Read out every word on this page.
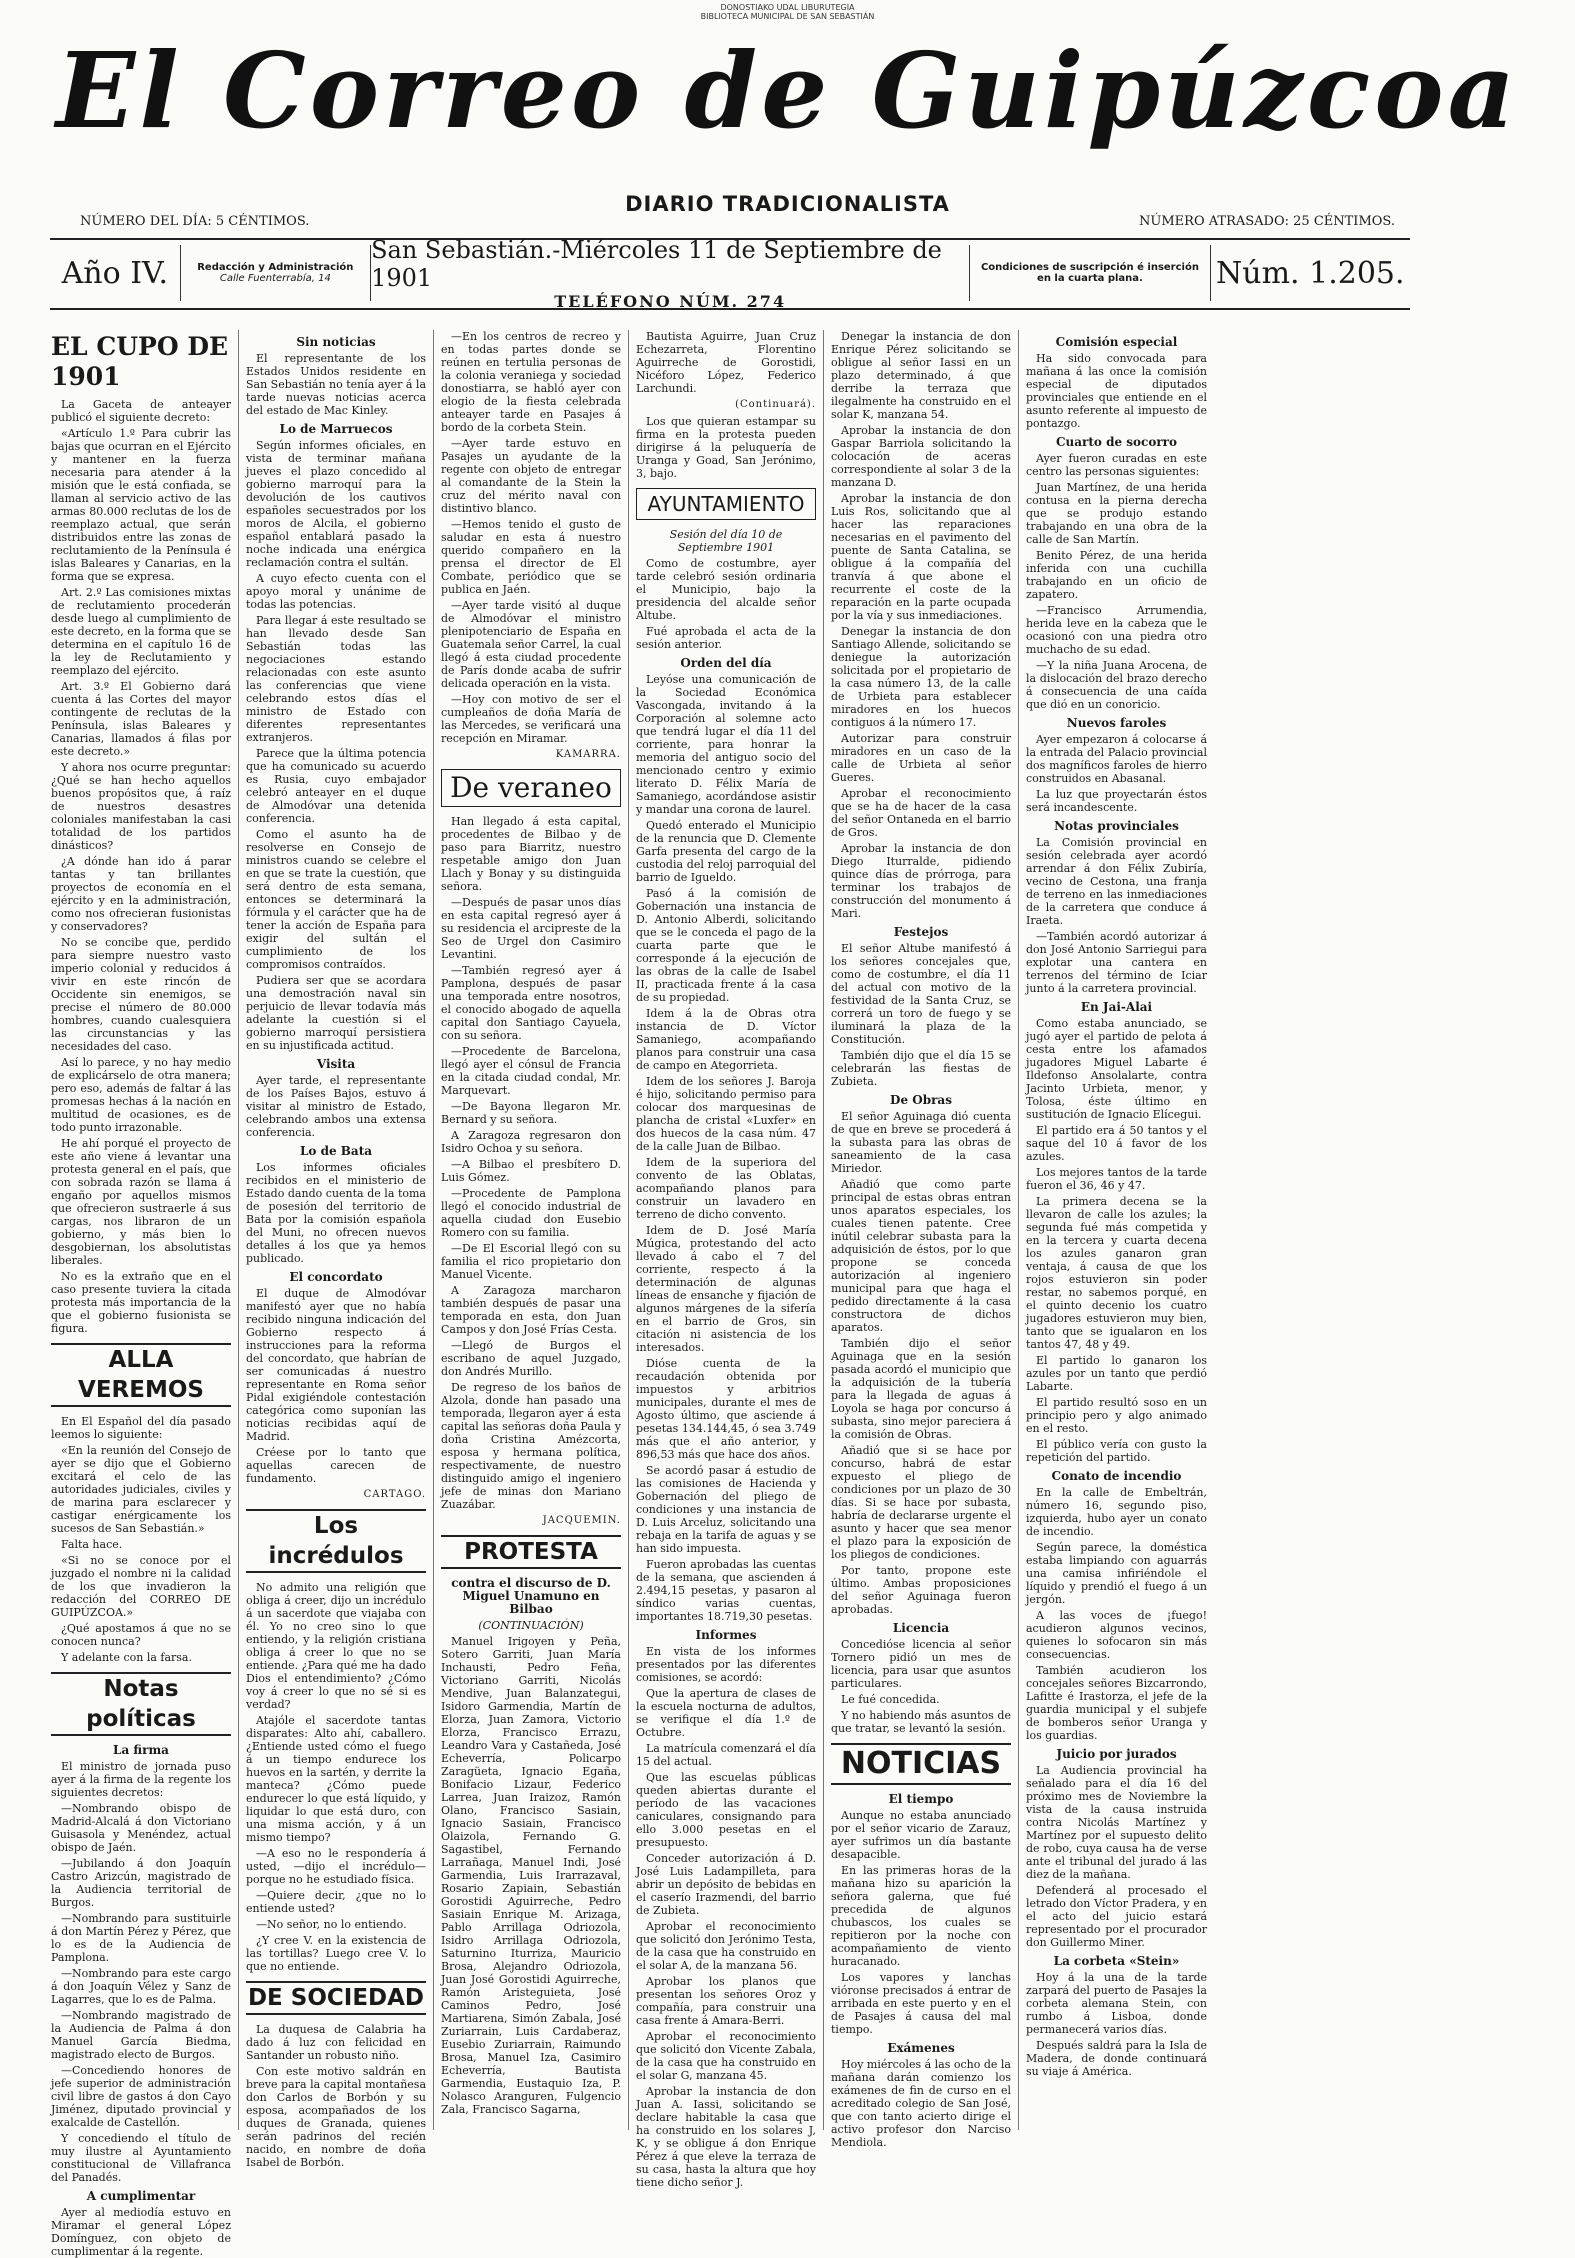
DONOSTIAKO UDAL LIBURUTEGIA
BIBLIOTECA MUNICIPAL DE SAN SEBASTIÁN
El Correo de Guipúzcoa
DIARIO TRADICIONALISTA
NÚMERO DEL DÍA: 5 CÉNTIMOS.	NÚMERO ATRASADO: 25 CÉNTIMOS.
Año IV.	Redacción y Administración
Calle Fuenterrabía, 14
San Sebastián.-Miércoles 11 de Septiembre de 1901
TELÉFONO NÚM. 274
Condiciones de suscripción é inserción
en la cuarta plana. Núm. 1.205.
EL CUPO DE 1901

La Gaceta de anteayer publicó el siguiente decreto:

«Artículo 1.º Para cubrir las bajas que ocurran en el Ejército y mantener en la fuerza necesaria para atender á la misión que le está confiada, se llaman al servicio activo de las armas 80.000 reclutas de los de reemplazo actual, que serán distribuidos entre las zonas de reclutamiento de la Península é islas Baleares y Canarias, en la forma que se expresa.

Art. 2.º Las comisiones mixtas de reclutamiento procederán desde luego al cumplimiento de este decreto, en la forma que se determina en el capítulo 16 de la ley de Reclutamiento y reemplazo del ejército.

Art. 3.º El Gobierno dará cuenta á las Cortes del mayor contingente de reclutas de la Península, islas Baleares y Canarias, llamados á filas por este decreto.»

Y ahora nos ocurre preguntar: ¿Qué se han hecho aquellos buenos propósitos que, á raíz de nuestros desastres coloniales manifestaban la casi totalidad de los partidos dinásticos?

¿A dónde han ido á parar tantas y tan brillantes proyectos de economía en el ejército y en la administración, como nos ofrecieran fusionistas y conservadores?

No se concibe que, perdido para siempre nuestro vasto imperio colonial y reducidos á vivir en este rincón de Occidente sin enemigos, se precise el número de 80.000 hombres, cuando cualesquiera las circunstancias y las necesidades del caso.

Así lo parece, y no hay medio de explicárselo de otra manera; pero eso, además de faltar á las promesas hechas á la nación en multitud de ocasiones, es de todo punto irrazonable.

He ahí porqué el proyecto de este año viene á levantar una protesta general en el país, que con sobrada razón se llama á engaño por aquellos mismos que ofrecieron sustraerle á sus cargas, nos libraron de un gobierno, y más bien lo desgobiernan, los absolutistas liberales.

No es la extraño que en el caso presente tuviera la citada protesta más importancia de la que el gobierno fusionista se figura.

ALLA VEREMOS

En El Español del día pasado leemos lo siguiente:

«En la reunión del Consejo de ayer se dijo que el Gobierno excitará el celo de las autoridades judiciales, civiles y de marina para esclarecer y castigar enérgicamente los sucesos de San Sebastián.»

Falta hace.

«Si no se conoce por el juzgado el nombre ni la calidad de los que invadieron la redacción del CORREO DE GUIPÚZCOA.»

¿Qué apostamos á que no se conocen nunca?

Y adelante con la farsa.

Notas políticas
La firma

El ministro de jornada puso ayer á la firma de la regente los siguientes decretos:

—Nombrando obispo de Madrid-Alcalá á don Victoriano Guisasola y Menéndez, actual obispo de Jaén.

—Jubilando á don Joaquín Castro Arizcún, magistrado de la Audiencia territorial de Burgos.

—Nombrando para sustituirle á don Martín Pérez y Pérez, que lo es de la Audiencia de Pamplona.

—Nombrando para este cargo á don Joaquín Vélez y Sanz de Lagarres, que lo es de Palma.

—Nombrando magistrado de la Audiencia de Palma á don Manuel García Biedma, magistrado electo de Burgos.

—Concediendo honores de jefe superior de administración civil libre de gastos á don Cayo Jiménez, diputado provincial y exalcalde de Castellón.

Y concediendo el título de muy ilustre al Ayuntamiento constitucional de Villafranca del Panadés.

A cumplimentar

Ayer al mediodía estuvo en Miramar el general López Domínguez, con objeto de cumplimentar á la regente.

Sin noticias

El representante de los Estados Unidos residente en San Sebastián no tenía ayer á la tarde nuevas noticias acerca del estado de Mac Kinley.

Lo de Marruecos

Según informes oficiales, en vista de terminar mañana jueves el plazo concedido al gobierno marroquí para la devolución de los cautivos españoles secuestrados por los moros de Alcila, el gobierno español entablará pasado la noche indicada una enérgica reclamación contra el sultán.

A cuyo efecto cuenta con el apoyo moral y unánime de todas las potencias.

Para llegar á este resultado se han llevado desde San Sebastián todas las negociaciones estando relacionadas con este asunto las conferencias que viene celebrando estos días el ministro de Estado con diferentes representantes extranjeros.

Parece que la última potencia que ha comunicado su acuerdo es Rusia, cuyo embajador celebró anteayer en el duque de Almodóvar una detenida conferencia.

Como el asunto ha de resolverse en Consejo de ministros cuando se celebre el en que se trate la cuestión, que será dentro de esta semana, entonces se determinará la fórmula y el carácter que ha de tener la acción de España para exigir del sultán el cumplimiento de los compromisos contraídos.

Pudiera ser que se acordara una demostración naval sin perjuicio de llevar todavía más adelante la cuestión si el gobierno marroquí persistiera en su injustificada actitud.

Visita

Ayer tarde, el representante de los Países Bajos, estuvo á visitar al ministro de Estado, celebrando ambos una extensa conferencia.

Lo de Bata

Los informes oficiales recibidos en el ministerio de Estado dando cuenta de la toma de posesión del territorio de Bata por la comisión española del Muni, no ofrecen nuevos detalles á los que ya hemos publicado.

El concordato

El duque de Almodóvar manifestó ayer que no había recibido ninguna indicación del Gobierno respecto á instrucciones para la reforma del concordato, que habrían de ser comunicadas á nuestro representante en Roma señor Pidal exigiéndole contestación categórica como suponían las noticias recibidas aquí de Madrid.

Créese por lo tanto que aquellas carecen de fundamento.

CARTAGO.
Los incrédulos

No admito una religión que obliga á creer, dijo un incrédulo á un sacerdote que viajaba con él. Yo no creo sino lo que entiendo, y la religión cristiana obliga á creer lo que no se entiende. ¿Para qué me ha dado Dios el entendimiento? ¿Cómo voy á creer lo que no sé si es verdad?

Atajóle el sacerdote tantas disparates: Alto ahí, caballero. ¿Entiende usted cómo el fuego á un tiempo endurece los huevos en la sartén, y derrite la manteca? ¿Cómo puede endurecer lo que está líquido, y liquidar lo que está duro, con una misma acción, y á un mismo tiempo?

—A eso no le respondería á usted, —dijo el incrédulo— porque no he estudiado física.

—Quiere decir, ¿que no lo entiende usted?

—No señor, no lo entiendo.

¿Y cree V. en la existencia de las tortillas? Luego cree V. lo que no entiende.

DE SOCIEDAD

La duquesa de Calabria ha dado á luz con felicidad en Santander un robusto niño.

Con este motivo saldrán en breve para la capital montañesa don Carlos de Borbón y su esposa, acompañados de los duques de Granada, quienes serán padrinos del recién nacido, en nombre de doña Isabel de Borbón.

—En los centros de recreo y en todas partes donde se reúnen en tertulia personas de la colonia veraniega y sociedad donostiarra, se habló ayer con elogio de la fiesta celebrada anteayer tarde en Pasajes á bordo de la corbeta Stein.

—Ayer tarde estuvo en Pasajes un ayudante de la regente con objeto de entregar al comandante de la Stein la cruz del mérito naval con distintivo blanco.

—Hemos tenido el gusto de saludar en esta á nuestro querido compañero en la prensa el director de El Combate, periódico que se publica en Jaén.

—Ayer tarde visitó al duque de Almodóvar el ministro plenipotenciario de España en Guatemala señor Carrel, la cual llegó á esta ciudad procedente de París donde acaba de sufrir delicada operación en la vista.

—Hoy con motivo de ser el cumpleaños de doña María de las Mercedes, se verificará una recepción en Miramar.

KAMARRA.
De veraneo

Han llegado á esta capital, procedentes de Bilbao y de paso para Biarritz, nuestro respetable amigo don Juan Llach y Bonay y su distinguida señora.

—Después de pasar unos días en esta capital regresó ayer á su residencia el arcipreste de la Seo de Urgel don Casimiro Levantini.

—También regresó ayer á Pamplona, después de pasar una temporada entre nosotros, el conocido abogado de aquella capital don Santiago Cayuela, con su señora.

—Procedente de Barcelona, llegó ayer el cónsul de Francia en la citada ciudad condal, Mr. Marquevart.

—De Bayona llegaron Mr. Bernard y su señora.

A Zaragoza regresaron don Isidro Ochoa y su señora.

—A Bilbao el presbítero D. Luis Gómez.

—Procedente de Pamplona llegó el conocido industrial de aquella ciudad don Eusebio Romero con su familia.

—De El Escorial llegó con su familia el rico propietario don Manuel Vicente.

A Zaragoza marcharon también después de pasar una temporada en esta, don Juan Campos y don José Frías Cesta.

—Llegó de Burgos el escribano de aquel Juzgado, don Andrés Murillo.

De regreso de los baños de Alzola, donde han pasado una temporada, llegaron ayer á esta capital las señoras doña Paula y doña Cristina Amézcorta, esposa y hermana política, respectivamente, de nuestro distinguido amigo el ingeniero jefe de minas don Mariano Zuazábar.

JACQUEMIN.
PROTESTA
contra el discurso de D. Miguel Unamuno en Bilbao
(CONTINUACIÓN)

Manuel Irigoyen y Peña, Sotero Garriti, Juan María Inchausti, Pedro Feña, Victoriano Garriti, Nicolás Mendive, Juan Balanzategui, Isidoro Garmendia, Martín de Elorza, Juan Zamora, Victorio Elorza, Francisco Errazu, Leandro Vara y Castañeda, José Echeverría, Policarpo Zaragüeta, Ignacio Egaña, Bonifacio Lizaur, Federico Larrea, Juan Iraizoz, Ramón Olano, Francisco Sasiain, Ignacio Sasiain, Francisco Olaizola, Fernando G. Sagastibel, Fernando Larrañaga, Manuel Indi, José Garmendia, Luis Irarrazaval, Rosario Zapiain, Sebastián Gorostidi Aguirreche, Pedro Sasiain Enrique M. Arizaga, Pablo Arrillaga Odriozola, Isidro Arrillaga Odriozola, Saturnino Iturriza, Mauricio Brosa, Alejandro Odriozola, Juan José Gorostidi Aguirreche, Ramón Aristeguieta, José Caminos Pedro, José Martiarena, Simón Zabala, José Zuriarrain, Luis Cardaberaz, Eusebio Zuriarrain, Raimundo Brosa, Manuel Iza, Casimiro Echeverría, Bautista Garmendia, Eustaquio Iza, P. Nolasco Aranguren, Fulgencio Zala, Francisco Sagarna,

Bautista Aguirre, Juan Cruz Echezarreta, Florentino Aguirreche de Gorostidi, Nicéforo López, Federico Larchundi.

(Continuará).

Los que quieran estampar su firma en la protesta pueden dirigirse á la peluquería de Uranga y Goad, San Jerónimo, 3, bajo.

AYUNTAMIENTO
Sesión del día 10 de Septiembre 1901

Como de costumbre, ayer tarde celebró sesión ordinaria el Municipio, bajo la presidencia del alcalde señor Altube.

Fué aprobada el acta de la sesión anterior.

Orden del día

Leyóse una comunicación de la Sociedad Económica Vascongada, invitando á la Corporación al solemne acto que tendrá lugar el día 11 del corriente, para honrar la memoria del antiguo socio del mencionado centro y eximio literato D. Félix María de Samaniego, acordándose asistir y mandar una corona de laurel.

Quedó enterado el Municipio de la renuncia que D. Clemente Garfa presenta del cargo de la custodia del reloj parroquial del barrio de Igueldo.

Pasó á la comisión de Gobernación una instancia de D. Antonio Alberdi, solicitando que se le conceda el pago de la cuarta parte que le corresponde á la ejecución de las obras de la calle de Isabel II, practicada frente á la casa de su propiedad.

Idem á la de Obras otra instancia de D. Víctor Samaniego, acompañando planos para construir una casa de campo en Ategorrieta.

Idem de los señores J. Baroja é hijo, solicitando permiso para colocar dos marquesinas de plancha de cristal «Luxfer» en dos huecos de la casa núm. 47 de la calle Juan de Bilbao.

Idem de la superiora del convento de las Oblatas, acompañando planos para construir un lavadero en terreno de dicho convento.

Idem de D. José María Múgica, protestando del acto llevado á cabo el 7 del corriente, respecto á la determinación de algunas líneas de ensanche y fijación de algunos márgenes de la sifería en el barrio de Gros, sin citación ni asistencia de los interesados.

Dióse cuenta de la recaudación obtenida por impuestos y arbitrios municipales, durante el mes de Agosto último, que asciende á pesetas 134.144,45, ó sea 3.749 más que el año anterior, y 896,53 más que hace dos años.

Se acordó pasar á estudio de las comisiones de Hacienda y Gobernación del pliego de condiciones y una instancia de D. Luis Arceluz, solicitando una rebaja en la tarifa de aguas y se han sido impuesta.

Fueron aprobadas las cuentas de la semana, que ascienden á 2.494,15 pesetas, y pasaron al síndico varias cuentas, importantes 18.719,30 pesetas.

Informes

En vista de los informes presentados por las diferentes comisiones, se acordó:

Que la apertura de clases de la escuela nocturna de adultos, se verifique el día 1.º de Octubre.

La matrícula comenzará el día 15 del actual.

Que las escuelas públicas queden abiertas durante el período de las vacaciones caniculares, consignando para ello 3.000 pesetas en el presupuesto.

Conceder autorización á D. José Luis Ladampilleta, para abrir un depósito de bebidas en el caserío Irazmendi, del barrio de Zubieta.

Aprobar el reconocimiento que solicitó don Jerónimo Testa, de la casa que ha construido en el solar A, de la manzana 56.

Aprobar los planos que presentan los señores Oroz y compañía, para construir una casa frente á Amara-Berri.

Aprobar el reconocimiento que solicitó don Vicente Zabala, de la casa que ha construido en el solar G, manzana 45.

Aprobar la instancia de don Juan A. Iassi, solicitando se declare habitable la casa que ha construido en los solares J, K, y se obligue á don Enrique Pérez á que eleve la terraza de su casa, hasta la altura que hoy tiene dicho señor J.

Denegar la instancia de don Enrique Pérez solicitando se obligue al señor Iassi en un plazo determinado, á que derribe la terraza que ilegalmente ha construido en el solar K, manzana 54.

Aprobar la instancia de don Gaspar Barriola solicitando la colocación de aceras correspondiente al solar 3 de la manzana D.

Aprobar la instancia de don Luis Ros, solicitando que al hacer las reparaciones necesarias en el pavimento del puente de Santa Catalina, se obligue á la compañía del tranvía á que abone el recurrente el coste de la reparación en la parte ocupada por la vía y sus inmediaciones.

Denegar la instancia de don Santiago Allende, solicitando se deniegue la autorización solicitada por el propietario de la casa número 13, de la calle de Urbieta para establecer miradores en los huecos contiguos á la número 17.

Autorizar para construir miradores en un caso de la calle de Urbieta al señor Gueres.

Aprobar el reconocimiento que se ha de hacer de la casa del señor Ontaneda en el barrio de Gros.

Aprobar la instancia de don Diego Iturralde, pidiendo quince días de prórroga, para terminar los trabajos de construcción del monumento á Mari.

Festejos

El señor Altube manifestó á los señores concejales que, como de costumbre, el día 11 del actual con motivo de la festividad de la Santa Cruz, se correrá un toro de fuego y se iluminará la plaza de la Constitución.

También dijo que el día 15 se celebrarán las fiestas de Zubieta.

De Obras

El señor Aguinaga dió cuenta de que en breve se procederá á la subasta para las obras de saneamiento de la casa Miriedor.

Añadió que como parte principal de estas obras entran unos aparatos especiales, los cuales tienen patente. Cree inútil celebrar subasta para la adquisición de éstos, por lo que propone se conceda autorización al ingeniero municipal para que haga el pedido directamente á la casa constructora de dichos aparatos.

También dijo el señor Aguinaga que en la sesión pasada acordó el municipio que la adquisición de la tubería para la llegada de aguas á Loyola se haga por concurso á subasta, sino mejor pareciera á la comisión de Obras.

Añadió que si se hace por concurso, habrá de estar expuesto el pliego de condiciones por un plazo de 30 días. Si se hace por subasta, habría de declararse urgente el asunto y hacer que sea menor el plazo para la exposición de los pliegos de condiciones.

Por tanto, propone este último. Ambas proposiciones del señor Aguinaga fueron aprobadas.

Licencia

Concedióse licencia al señor Tornero pidió un mes de licencia, para usar que asuntos particulares.

Le fué concedida.

Y no habiendo más asuntos de que tratar, se levantó la sesión.

NOTICIAS
El tiempo

Aunque no estaba anunciado por el señor vicario de Zarauz, ayer sufrimos un día bastante desapacible.

En las primeras horas de la mañana hizo su aparición la señora galerna, que fué precedida de algunos chubascos, los cuales se repitieron por la noche con acompañamiento de viento huracanado.

Los vapores y lanchas vióronse precisados á entrar de arribada en este puerto y en el de Pasajes á causa del mal tiempo.

Exámenes

Hoy miércoles á las ocho de la mañana darán comienzo los exámenes de fin de curso en el acreditado colegio de San José, que con tanto acierto dirige el activo profesor don Narciso Mendiola.

Comisión especial

Ha sido convocada para mañana á las once la comisión especial de diputados provinciales que entiende en el asunto referente al impuesto de pontazgo.

Cuarto de socorro

Ayer fueron curadas en este centro las personas siguientes:

Juan Martínez, de una herida contusa en la pierna derecha que se produjo estando trabajando en una obra de la calle de San Martín.

Benito Pérez, de una herida inferida con una cuchilla trabajando en un oficio de zapatero.

—Francisco Arrumendia, herida leve en la cabeza que le ocasionó con una piedra otro muchacho de su edad.

—Y la niña Juana Arocena, de la dislocación del brazo derecho á consecuencia de una caída que dió en un conoricio.

Nuevos faroles

Ayer empezaron á colocarse á la entrada del Palacio provincial dos magníficos faroles de hierro construidos en Abasanal.

La luz que proyectarán éstos será incandescente.

Notas provinciales

La Comisión provincial en sesión celebrada ayer acordó arrendar á don Félix Zubiría, vecino de Cestona, una franja de terreno en las inmediaciones de la carretera que conduce á Iraeta.

—También acordó autorizar á don José Antonio Sarriegui para explotar una cantera en terrenos del término de Iciar junto á la carretera provincial.

En Jai-Alai

Como estaba anunciado, se jugó ayer el partido de pelota á cesta entre los afamados jugadores Miguel Labarte é Ildefonso Ansolalarte, contra Jacinto Urbieta, menor, y Tolosa, éste último en sustitución de Ignacio Elícegui.

El partido era á 50 tantos y el saque del 10 á favor de los azules.

Los mejores tantos de la tarde fueron el 36, 46 y 47.

La primera decena se la llevaron de calle los azules; la segunda fué más competida y en la tercera y cuarta decena los azules ganaron gran ventaja, á causa de que los rojos estuvieron sin poder restar, no sabemos porqué, en el quinto decenio los cuatro jugadores estuvieron muy bien, tanto que se igualaron en los tantos 47, 48 y 49.

El partido lo ganaron los azules por un tanto que perdió Labarte.

El partido resultó soso en un principio pero y algo animado en el resto.

El público vería con gusto la repetición del partido.

Conato de incendio

En la calle de Embeltrán, número 16, segundo piso, izquierda, hubo ayer un conato de incendio.

Según parece, la doméstica estaba limpiando con aguarrás una camisa infiriéndole el líquido y prendió el fuego á un jergón.

A las voces de ¡fuego! acudieron algunos vecinos, quienes lo sofocaron sin más consecuencias.

También acudieron los concejales señores Bizcarrondo, Lafitte é Irastorza, el jefe de la guardia municipal y el subjefe de bomberos señor Uranga y los guardias.

Juicio por jurados

La Audiencia provincial ha señalado para el día 16 del próximo mes de Noviembre la vista de la causa instruida contra Nicolás Martínez y Martínez por el supuesto delito de robo, cuya causa ha de verse ante el tribunal del jurado á las diez de la mañana.

Defenderá al procesado el letrado don Víctor Pradera, y en el acto del juicio estará representado por el procurador don Guillermo Miner.

La corbeta «Stein»

Hoy á la una de la tarde zarpará del puerto de Pasajes la corbeta alemana Stein, con rumbo á Lisboa, donde permanecerá varios días.

Después saldrá para la Isla de Madera, de donde continuará su viaje á América.
